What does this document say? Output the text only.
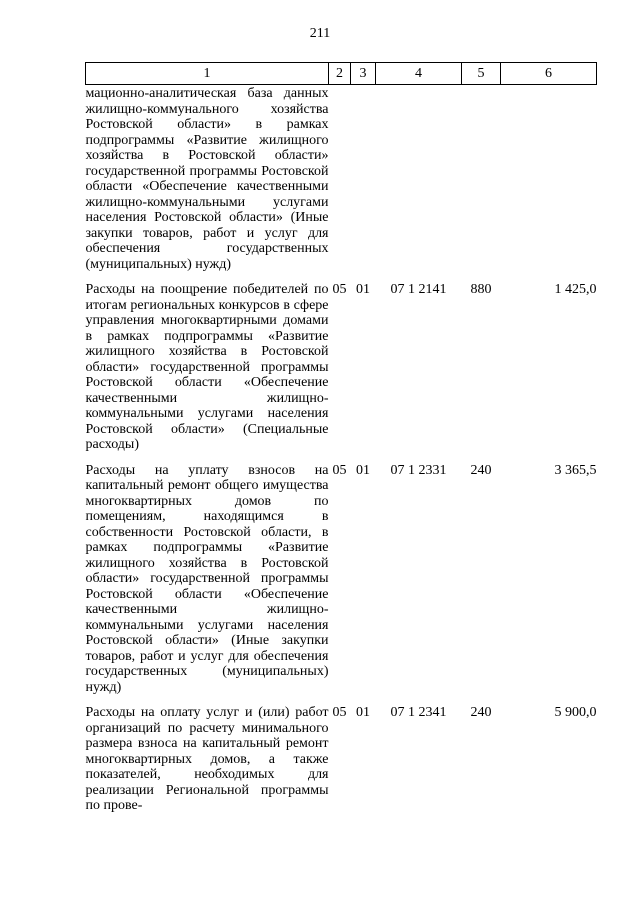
211
1	2	3	4	5	6
мационно-аналитическая база данных жилищно-коммунального хозяйства Ростовской области» в рамках подпрограммы «Развитие жилищного хозяйства в Ростовской области» государственной программы Ростовской области «Обеспечение качественными жилищно-коммунальными услугами населения Ростовской области» (Иные закупки товаров, работ и услуг для обеспечения государственных (муниципальных) нужд)					

Расходы на поощрение победителей по итогам региональных конкурсов в сфере управления многоквартирными домами в рамках подпрограммы «Развитие жилищного хозяйства в Ростовской области» государственной программы Ростовской области «Обеспечение качественными жилищно-коммунальными услугами населения Ростовской области» (Специальные расходы)	05	01	07 1 2141	880	1 425,0

Расходы на уплату взносов на капитальный ремонт общего имущества многоквартирных домов по помещениям, находящимся в собственности Ростовской области, в рамках подпрограммы «Развитие жилищного хозяйства в Ростовской области» государственной программы Ростовской области «Обеспечение качественными жилищно-коммунальными услугами населения Ростовской области» (Иные закупки товаров, работ и услуг для обеспечения государственных (муниципальных) нужд)	05	01	07 1 2331	240	3 365,5

Расходы на оплату услуг и (или) работ организаций по расчету минимального размера взноса на капитальный ремонт многоквартирных домов, а также показателей, необходимых для реализации Региональной программы по прове-	05	01	07 1 2341	240	5 900,0
